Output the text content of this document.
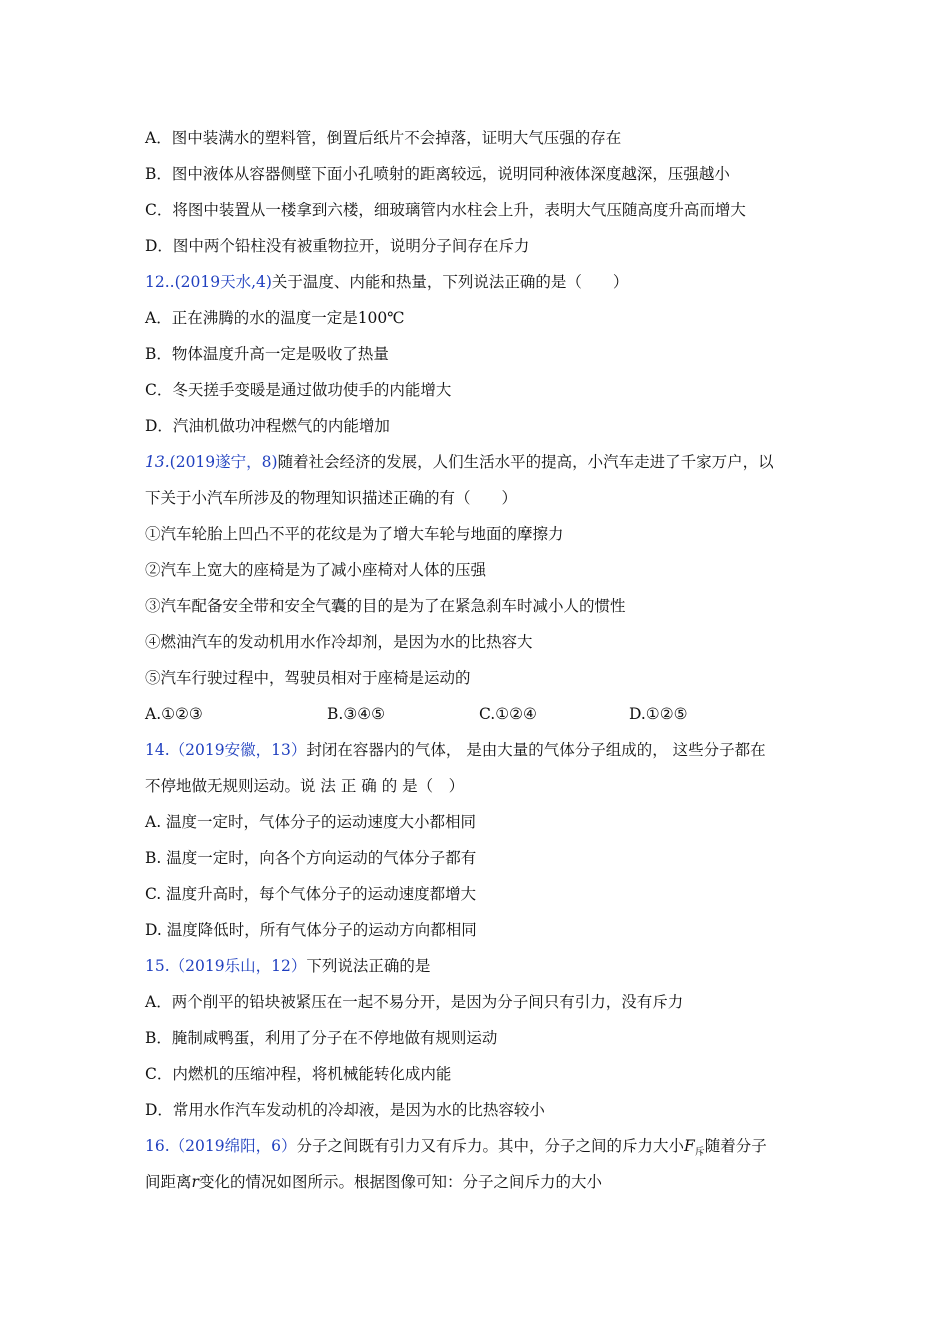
A．图中装满水的塑料管，倒置后纸片不会掉落，证明大气压强的存在
B．图中液体从容器侧壁下面小孔喷射的距离较远，说明同种液体深度越深，压强越小
C．将图中装置从一楼拿到六楼，细玻璃管内水柱会上升，表明大气压随高度升高而增大
D．图中两个铅柱没有被重物拉开，说明分子间存在斥力
12..(2019天水,4)关于温度、内能和热量，下列说法正确的是（　　）
A．正在沸腾的水的温度一定是100℃
B．物体温度升高一定是吸收了热量
C．冬天搓手变暖是通过做功使手的内能增大
D．汽油机做功冲程燃气的内能增加
13.(2019遂宁，8)随着社会经济的发展，人们生活水平的提高，小汽车走进了千家万户，以
下关于小汽车所涉及的物理知识描述正确的有（　　）
①汽车轮胎上凹凸不平的花纹是为了增大车轮与地面的摩擦力
②汽车上宽大的座椅是为了减小座椅对人体的压强
③汽车配备安全带和安全气囊的目的是为了在紧急刹车时减小人的惯性
④燃油汽车的发动机用水作冷却剂，是因为水的比热容大
⑤汽车行驶过程中，驾驶员相对于座椅是运动的
A.①②③	B.③④⑤	C.①②④	D.①②⑤
14.（2019安徽，13）封闭在容器内的气体， 是由大量的气体分子组成的， 这些分子都在
不停地做无规则运动。说 法 正 确 的 是（　）
A. 温度一定时，气体分子的运动速度大小都相同
B. 温度一定时，向各个方向运动的气体分子都有
C. 温度升高时，每个气体分子的运动速度都增大
D. 温度降低时，所有气体分子的运动方向都相同
15.（2019乐山，12）下列说法正确的是
A．两个削平的铅块被紧压在一起不易分开，是因为分子间只有引力，没有斥力
B．腌制咸鸭蛋，利用了分子在不停地做有规则运动
C．内燃机的压缩冲程，将机械能转化成内能
D．常用水作汽车发动机的冷却液，是因为水的比热容较小
16.（2019绵阳，6）分子之间既有引力又有斥力。其中，分子之间的斥力大小$F_斥$随着分子
间距离r变化的情况如图所示。根据图像可知：分子之间斥力的大小
